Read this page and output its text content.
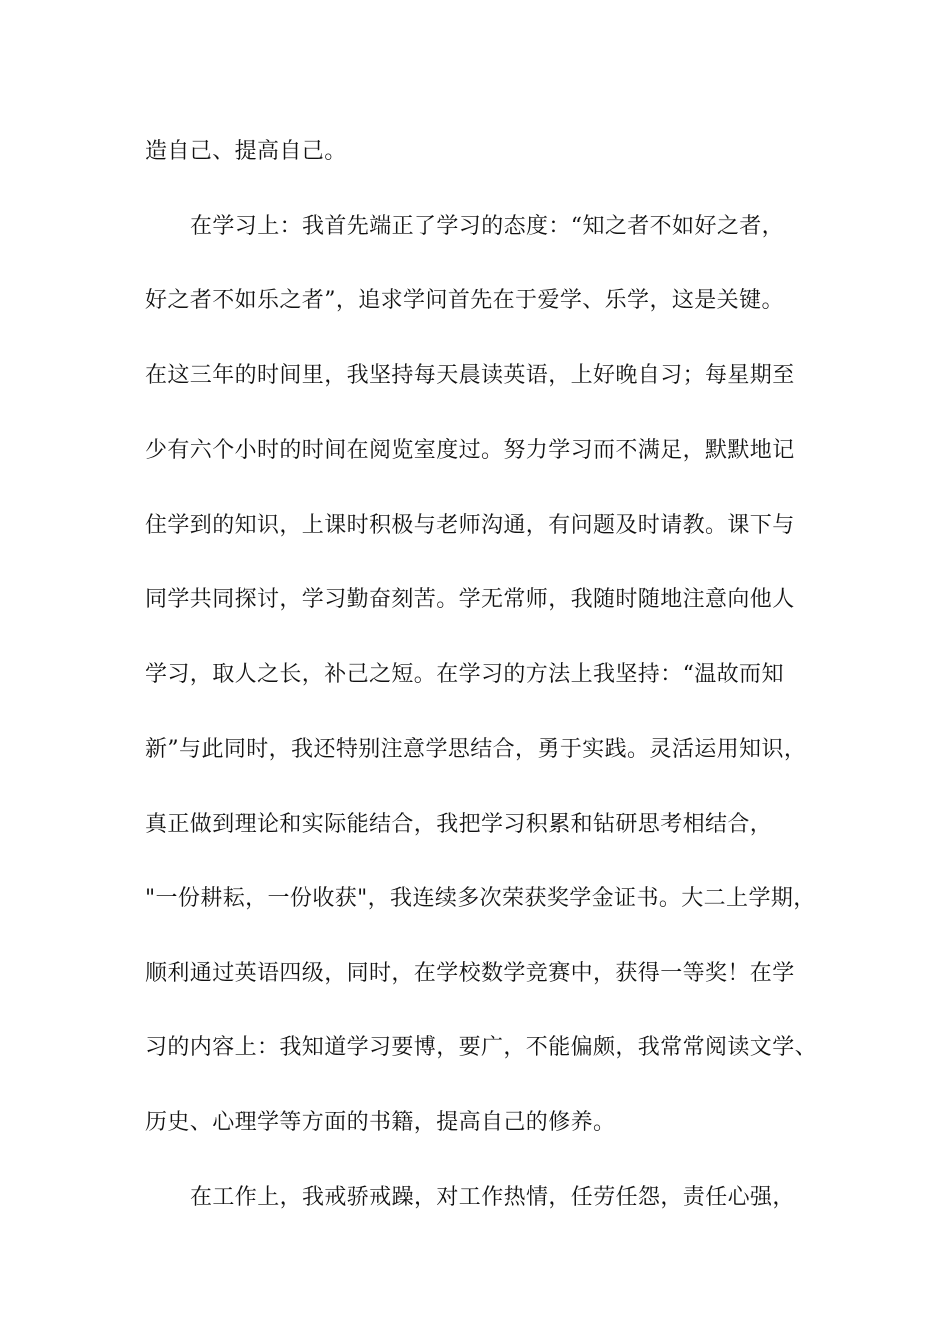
造自己、提高自己。
在学习上：我首先端正了学习的态度：“知之者不如好之者，
好之者不如乐之者”，追求学问首先在于爱学、乐学，这是关键。
在这三年的时间里，我坚持每天晨读英语，上好晚自习；每星期至
少有六个小时的时间在阅览室度过。努力学习而不满足，默默地记
住学到的知识，上课时积极与老师沟通，有问题及时请教。课下与
同学共同探讨，学习勤奋刻苦。学无常师，我随时随地注意向他人
学习，取人之长，补己之短。在学习的方法上我坚持：“温故而知
新”与此同时，我还特别注意学思结合，勇于实践。灵活运用知识，
真正做到理论和实际能结合，我把学习积累和钻研思考相结合，
"一份耕耘，一份收获"，我连续多次荣获奖学金证书。大二上学期，
顺利通过英语四级，同时，在学校数学竞赛中，获得一等奖！在学
习的内容上：我知道学习要博，要广，不能偏颇，我常常阅读文学、
历史、心理学等方面的书籍，提高自己的修养。
在工作上，我戒骄戒躁，对工作热情，任劳任怨，责任心强，
